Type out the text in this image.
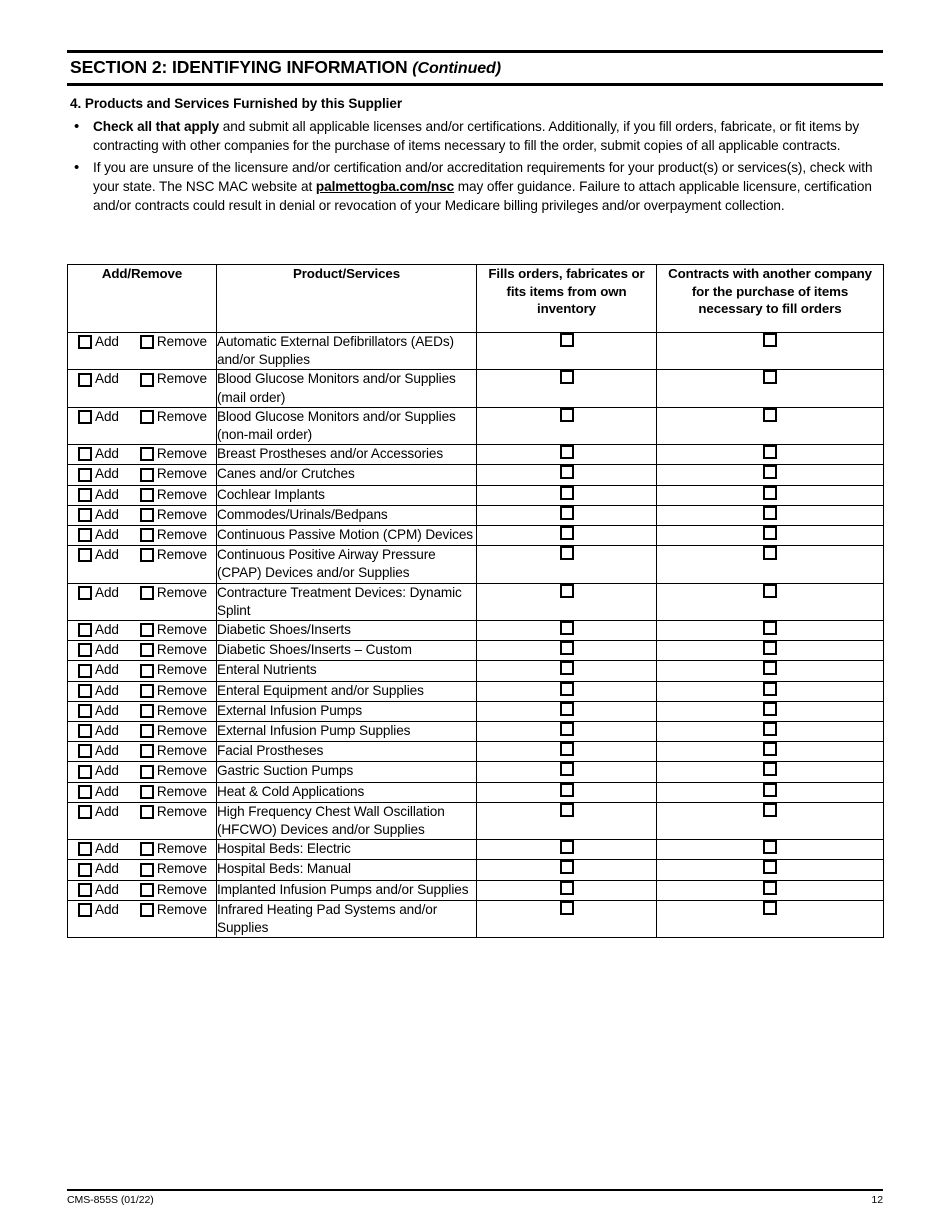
SECTION 2: IDENTIFYING INFORMATION (Continued)
4. Products and Services Furnished by this Supplier
• Check all that apply and submit all applicable licenses and/or certifications. Additionally, if you fill orders, fabricate, or fit items by contracting with other companies for the purchase of items necessary to fill the order, submit copies of all applicable contracts.
• If you are unsure of the licensure and/or certification and/or accreditation requirements for your product(s) or services(s), check with your state. The NSC MAC website at palmettogba.com/nsc may offer guidance. Failure to attach applicable licensure, certification and/or contracts could result in denial or revocation of your Medicare billing privileges and/or overpayment collection.
Add/Remove	Product/Services	Fills orders, fabricates or fits items from own inventory	Contracts with another company for the purchase of items necessary to fill orders

Add Remove	Automatic External Defibrillators (AEDs) and/or Supplies		

Add Remove	Blood Glucose Monitors and/or Supplies (mail order)		

Add Remove	Blood Glucose Monitors and/or Supplies (non-mail order)		

Add Remove	Breast Prostheses and/or Accessories		

Add Remove	Canes and/or Crutches		

Add Remove	Cochlear Implants		

Add Remove	Commodes/Urinals/Bedpans		

Add Remove	Continuous Passive Motion (CPM) Devices		

Add Remove	Continuous Positive Airway Pressure (CPAP) Devices and/or Supplies		

Add Remove	Contracture Treatment Devices: Dynamic Splint		

Add Remove	Diabetic Shoes/Inserts		

Add Remove	Diabetic Shoes/Inserts – Custom		

Add Remove	Enteral Nutrients		

Add Remove	Enteral Equipment and/or Supplies		

Add Remove	External Infusion Pumps		

Add Remove	External Infusion Pump Supplies		

Add Remove	Facial Prostheses		

Add Remove	Gastric Suction Pumps		

Add Remove	Heat & Cold Applications		

Add Remove	High Frequency Chest Wall Oscillation (HFCWO) Devices and/or Supplies		

Add Remove	Hospital Beds: Electric		

Add Remove	Hospital Beds: Manual		

Add Remove	Implanted Infusion Pumps and/or Supplies		

Add Remove	Infrared Heating Pad Systems and/or Supplies		
CMS-855S (01/22)	12
